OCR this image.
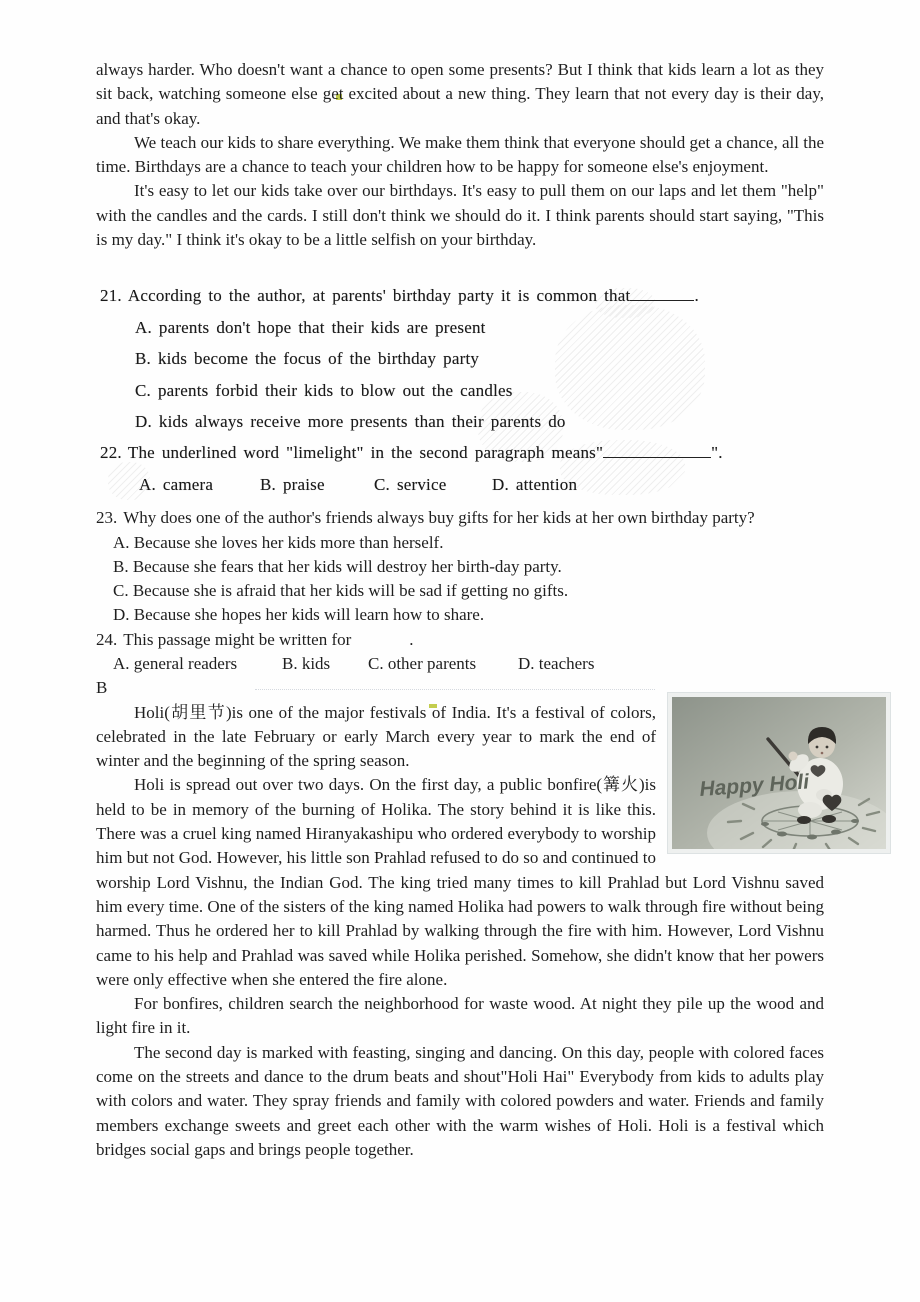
always harder. Who doesn't want a chance to open some presents? But I think that kids learn a lot as they sit back, watching someone else get excited about a new thing. They learn that not every day is their day, and that's okay.

We teach our kids to share everything. We make them think that everyone should get a chance, all the time. Birthdays are a chance to teach your children how to be happy for someone else's enjoyment.

It's easy to let our kids take over our birthdays. It's easy to pull them on our laps and let them "help" with the candles and the cards. I still don't think we should do it. I think parents should start saying, "This is my day." I think it's okay to be a little selfish on your birthday.

21. According to the author, at parents' birthday party it is common that	.
A. parents don't hope that their kids are present
B. kids become the focus of the birthday party
C. parents forbid their kids to blow out the candles
D. kids always receive more presents than their parents do
22. The underlined word "limelight" in the second paragraph means"	".
A. camera	B. praise	C. service	D. attention
23. Why does one of the author's friends always buy gifts for her kids at her own birthday party?
A. Because she loves her kids more than herself.
B. Because she fears that her kids will destroy her birth-day party.
C. Because she is afraid that her kids will be sad if getting no gifts.
D. Because she hopes her kids will learn how to share.
24. This passage might be written for	.
A. general readers	B. kids C. other parents D. teachers
B
Happy Holi

Holi(胡里节)is one of the major festivals of India. It's a festival of colors, celebrated in the late February or early March every year to mark the end of winter and the beginning of the spring season.

Holi is spread out over two days. On the first day, a public bonfire(篝火)is held to be in memory of the burning of Holika. The story behind it is like this. There was a cruel king named Hiranyakashipu who ordered everybody to worship him but not God. However, his little son Prahlad refused to do so and continued to worship Lord Vishnu, the Indian God. The king tried many times to kill Prahlad but Lord Vishnu saved him every time. One of the sisters of the king named Holika had powers to walk through fire without being harmed. Thus he ordered her to kill Prahlad by walking through the fire with him. However, Lord Vishnu came to his help and Prahlad was saved while Holika perished. Somehow, she didn't know that her powers were only effective when she entered the fire alone.

For bonfires, children search the neighborhood for waste wood. At night they pile up the wood and light fire in it.

The second day is marked with feasting, singing and dancing. On this day, people with colored faces come on the streets and dance to the drum beats and shout"Holi Hai" Everybody from kids to adults play with colors and water. They spray friends and family with colored powders and water. Friends and family members exchange sweets and greet each other with the warm wishes of Holi. Holi is a festival which bridges social gaps and brings people together.
